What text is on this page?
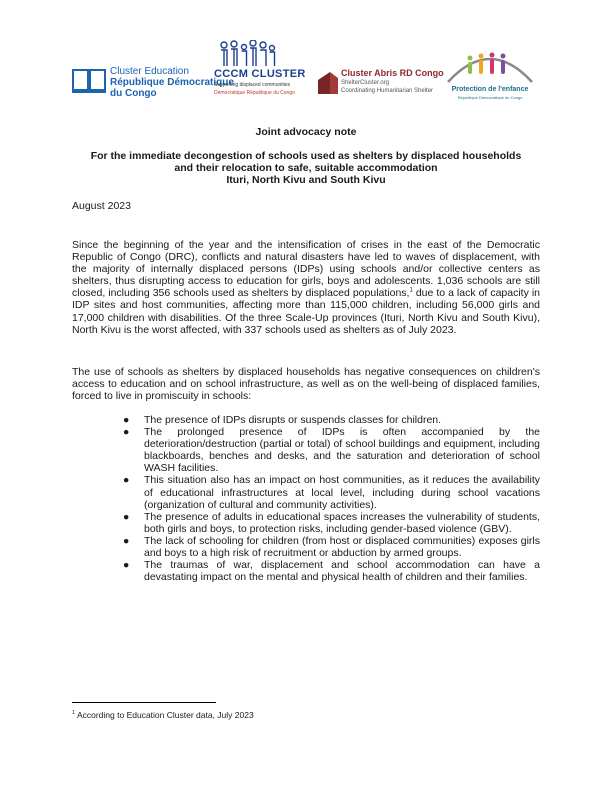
Cluster Education
République Démocratique
du Congo
CCCM CLUSTER
Supporting displaced communities
Démocratique République du Congo
Cluster Abris RD Congo
ShelterCluster.org
Coordinating Humanitarian Shelter	Protection de l'enfance
République Démocratique du Congo
Joint advocacy note
For the immediate decongestion of schools used as shelters by displaced households
and their relocation to safe, suitable accommodation
Ituri, North Kivu and South Kivu
August 2023

Since the beginning of the year and the intensification of crises in the east of the Democratic Republic of Congo (DRC), conflicts and natural disasters have led to waves of displacement, with the majority of internally displaced persons (IDPs) using schools and/or collective centers as shelters, thus disrupting access to education for girls, boys and adolescents. 1,036 schools are still closed, including 356 schools used as shelters by displaced populations,$^1$ due to a lack of capacity in IDP sites and host communities, affecting more than 115,000 children, including 56,000 girls and 17,000 children with disabilities. Of the three Scale-Up provinces (Ituri, North Kivu and South Kivu), North Kivu is the worst affected, with 337 schools used as shelters as of July 2023.

The use of schools as shelters by displaced households has negative consequences on children's access to education and on school infrastructure, as well as on the well-being of displaced families, forced to live in promiscuity in schools:

● The presence of IDPs disrupts or suspends classes for children.
● The prolonged presence of IDPs is often accompanied by the deterioration/destruction (partial or total) of school buildings and equipment, including blackboards, benches and desks, and the saturation and deterioration of school WASH facilities.
● This situation also has an impact on host communities, as it reduces the availability of educational infrastructures at local level, including during school vacations (organization of cultural and community activities).
● The presence of adults in educational spaces increases the vulnerability of students, both girls and boys, to protection risks, including gender-based violence (GBV).
● The lack of schooling for children (from host or displaced communities) exposes girls and boys to a high risk of recruitment or abduction by armed groups.
● The traumas of war, displacement and school accommodation can have a devastating impact on the mental and physical health of children and their families.
$^1$ According to Education Cluster data, July 2023
